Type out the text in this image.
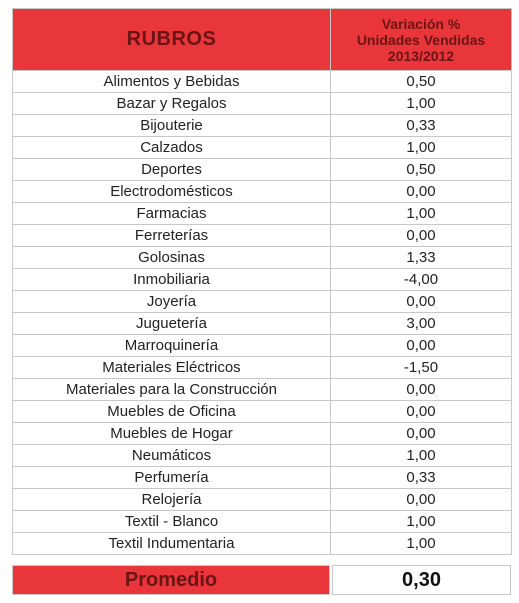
RUBROS	Variación %
Unidades Vendidas
2013/2012

Alimentos y Bebidas	0,50
Bazar y Regalos	1,00
Bijouterie	0,33
Calzados	1,00
Deportes	0,50
Electrodomésticos	0,00
Farmacias	1,00
Ferreterías	0,00
Golosinas	1,33
Inmobiliaria	-4,00
Joyería	0,00
Juguetería	3,00
Marroquinería	0,00
Materiales Eléctricos	-1,50
Materiales para la Construcción	0,00
Muebles de Oficina	0,00
Muebles de Hogar	0,00
Neumáticos	1,00
Perfumería	0,33
Relojería	0,00
Textil - Blanco	1,00
Textil Indumentaria	1,00
Promedio	0,30
